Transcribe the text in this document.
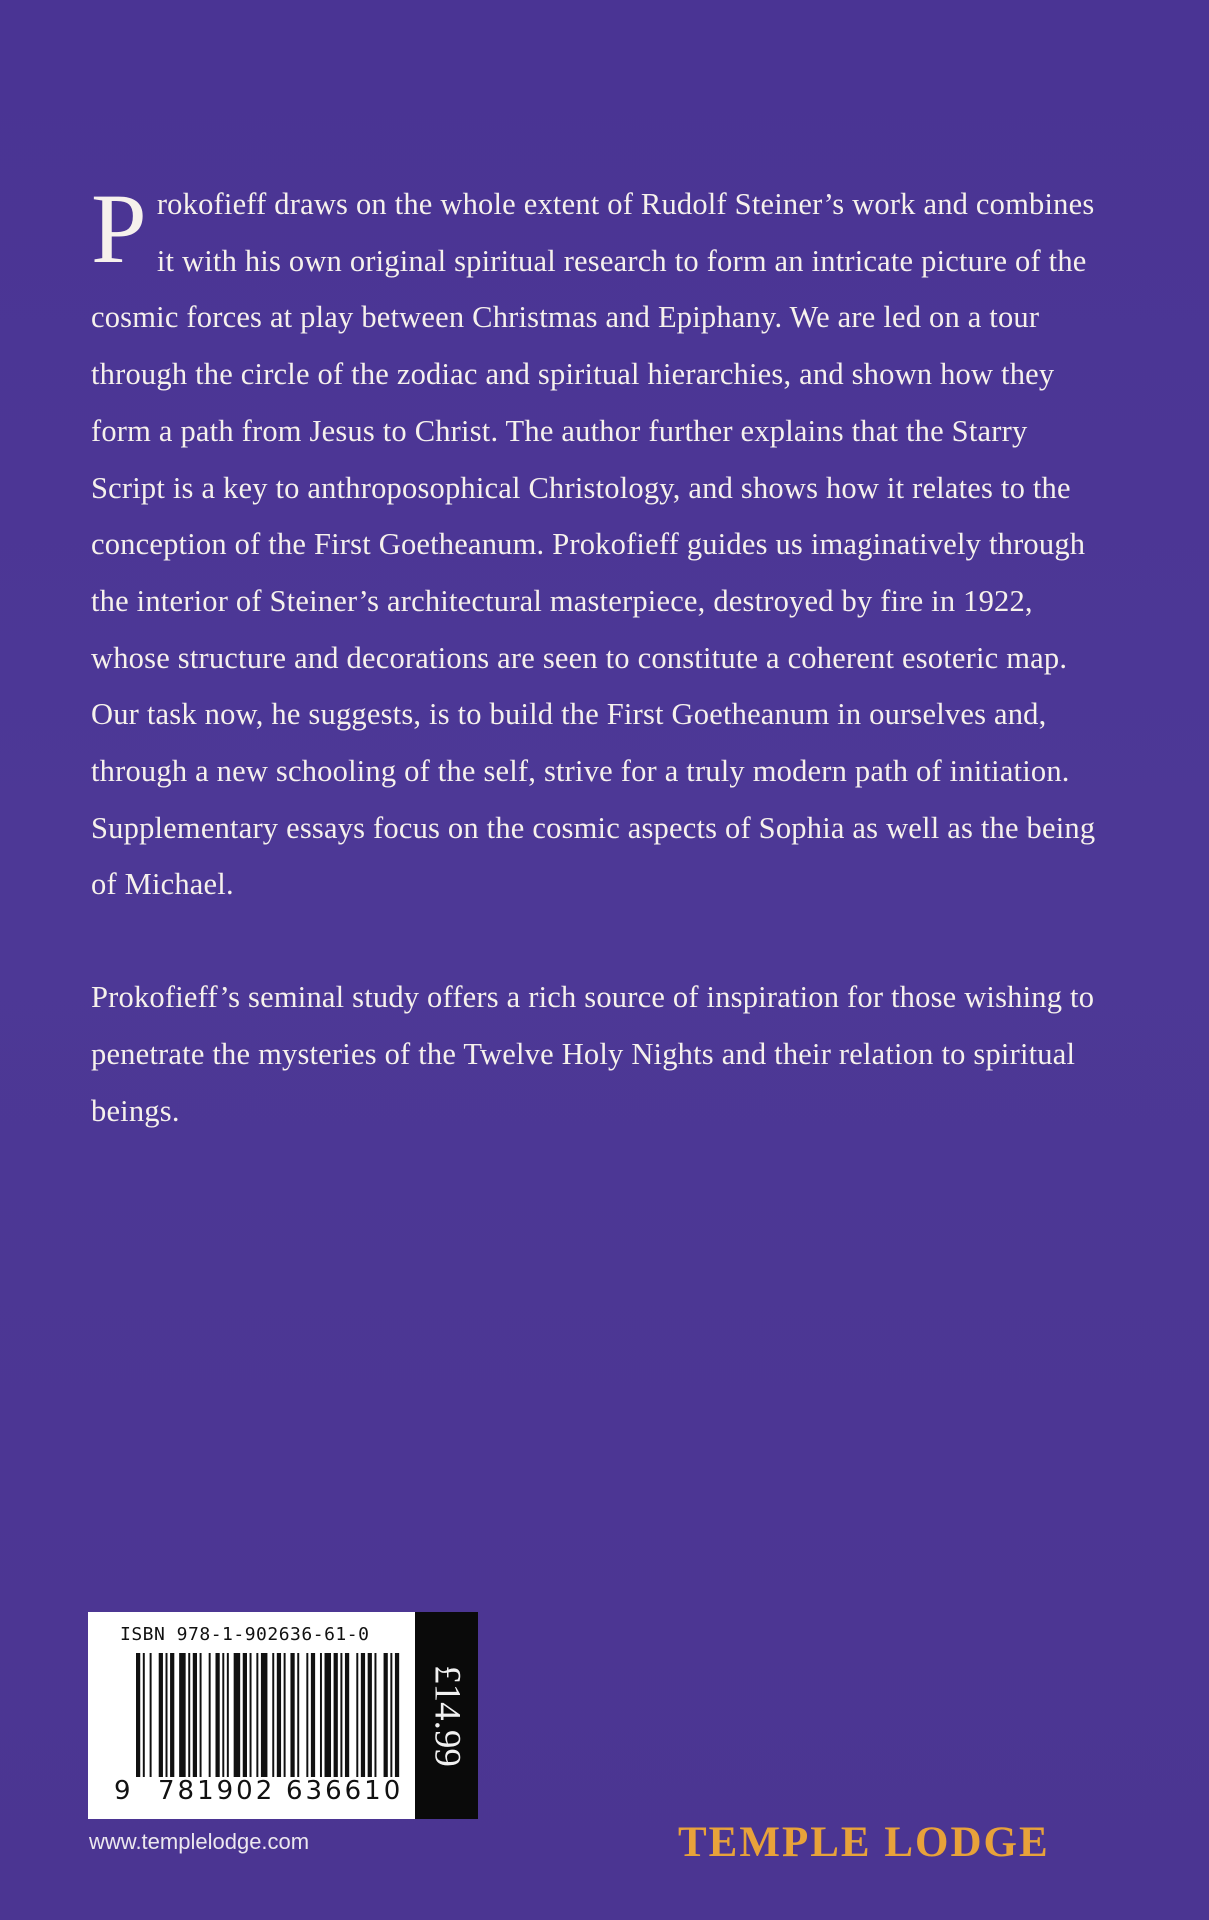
Prokofieff draws on the whole extent of Rudolf Steiner’s work and combines it with his own original spiritual research to form an intricate picture of the cosmic forces at play between Christmas and Epiphany. We are led on a tour through the circle of the zodiac and spiritual hierarchies, and shown how they form a path from Jesus to Christ. The author further explains that the Starry Script is a key to anthroposophical Christology, and shows how it relates to the conception of the First Goetheanum. Prokofieff guides us imaginatively through the interior of Steiner’s architectural masterpiece, destroyed by fire in 1922, whose structure and decorations are seen to constitute a coherent esoteric map. Our task now, he suggests, is to build the First Goetheanum in ourselves and, through a new schooling of the self, strive for a truly modern path of initiation. Supplementary essays focus on the cosmic aspects of Sophia as well as the being of Michael.

Prokofieff’s seminal study offers a rich source of inspiration for those wishing to penetrate the mysteries of the Twelve Holy Nights and their relation to spiritual beings.

ISBN 978-1-902636-61-0
9 781902 636610
£14.99
www.templelodge.com	TEMPLE LODGE
